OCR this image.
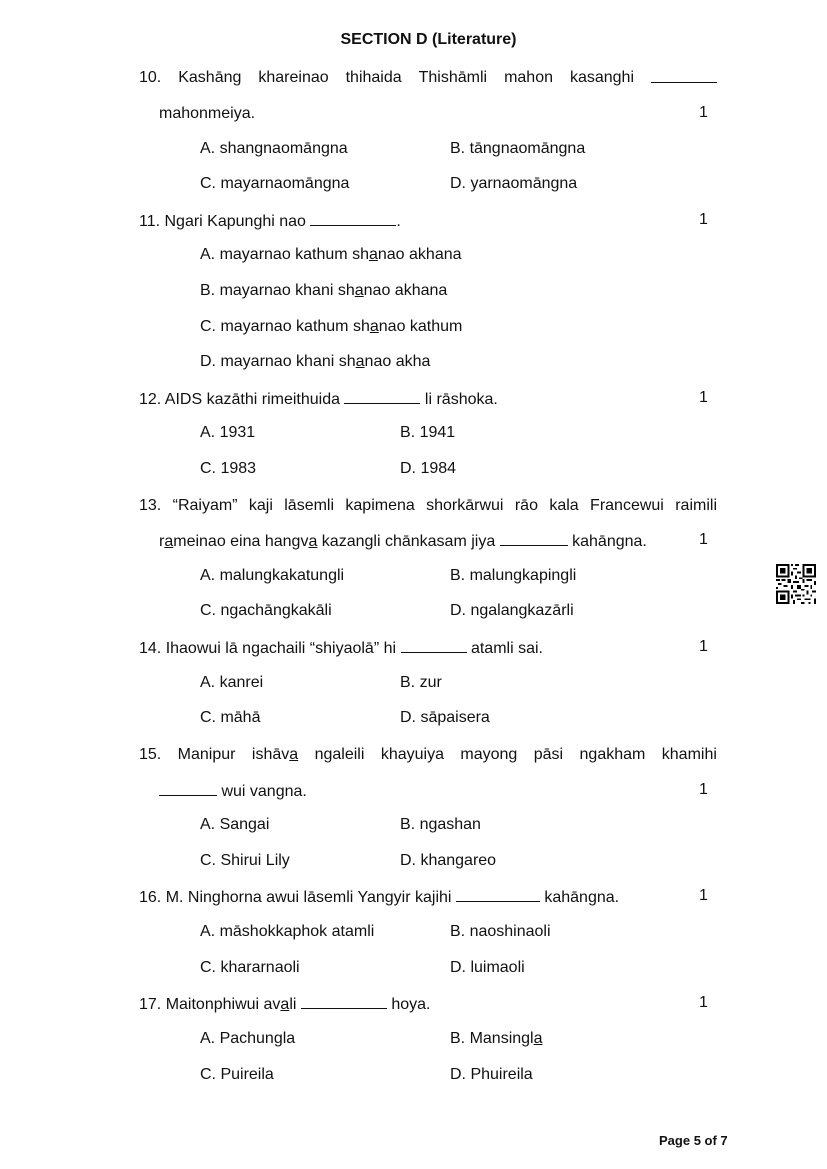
SECTION D (Literature)
10. Kashāng khareinao thihaida Thishāmli mahon kasanghi
mahonmeiya.	1
A. shangnaomāngna	B. tāngnaomāngna
C. mayarnaomāngna	D. yarnaomāngna
11. Ngari Kapunghi nao	.	1
A. mayarnao kathum shanao akhana
B. mayarnao khani shanao akhana
C. mayarnao kathum shanao kathum
D. mayarnao khani shanao akha
12. AIDS kazāthi rimeithuida	li rāshoka.	1
A. 1931	B. 1941
C. 1983	D. 1984
13. “Raiyam” kaji lāsemli kapimena shorkārwui rāo kala Francewui raimili
rameinao eina hangva kazangli chānkasam jiya	kahāngna.	1
A. malungkakatungli	B. malungkapingli
C. ngachāngkakāli	D. ngalangkazārli
14. Ihaowui lā ngachaili “shiyaolā” hi	atamli sai.	1
A. kanrei	B. zur
C. māhā	D. sāpaisera
15. Manipur ishāva ngaleili khayuiya mayong pāsi ngakham khamihi
wui vangna.	1
A. Sangai	B. ngashan
C. Shirui Lily	D. khangareo
16. M. Ninghorna awui lāsemli Yangyir kajihi	kahāngna.	1
A. māshokkaphok atamli	B. naoshinaoli
C. khararnaoli	D. luimaoli
17. Maitonphiwui avali	hoya.	1
A. Pachungla	B. Mansingla
C. Puireila	D. Phuireila
Page 5 of 7
